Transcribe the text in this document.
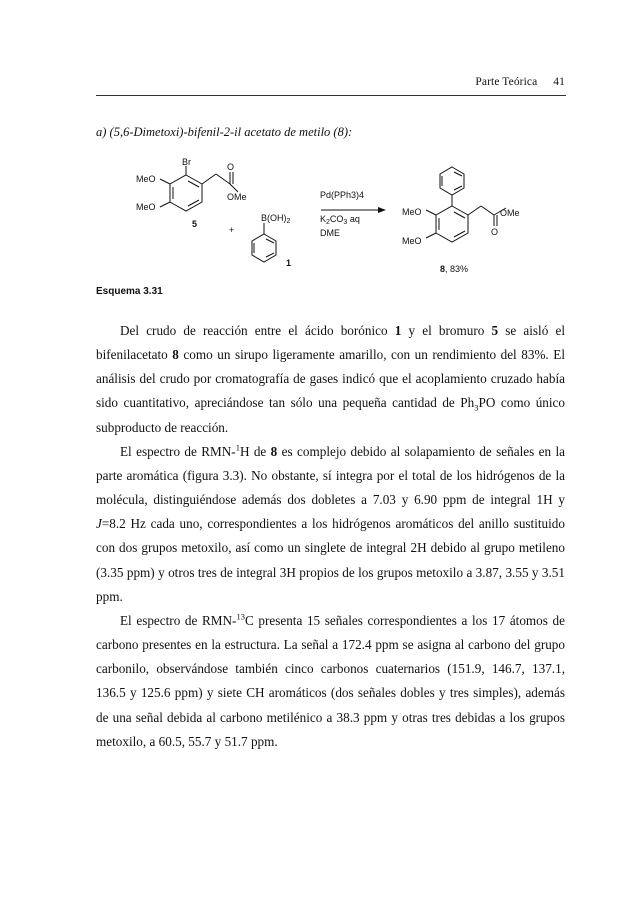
Parte Teórica 41
a) (5,6-Dimetoxi)-bifenil-2-il acetato de metilo (8):
Br
MeO
MeO
O
OMe
5
+
$B(OH)_2$
1
Pd(PPh3)4
$K_2CO_3$ aq
DME
MeO
MeO
OMe
O
8, 83%
Esquema 3.31

Del crudo de reacción entre el ácido borónico 1 y el bromuro 5 se aisló el bifenilacetato 8 como un sirupo ligeramente amarillo, con un rendimiento del 83%. El análisis del crudo por cromatografía de gases indicó que el acoplamiento cruzado había sido cuantitativo, apreciándose tan sólo una pequeña cantidad de $Ph_3PO$ como único subproducto de reacción.

El espectro de RMN-$^1$H de 8 es complejo debido al solapamiento de señales en la parte aromática (figura 3.3). No obstante, sí integra por el total de los hidrógenos de la molécula, distinguiéndose además dos dobletes a 7.03 y 6.90 ppm de integral 1H y J=8.2 Hz cada uno, correspondientes a los hidrógenos aromáticos del anillo sustituido con dos grupos metoxilo, así como un singlete de integral 2H debido al grupo metileno (3.35 ppm) y otros tres de integral 3H propios de los grupos metoxilo a 3.87, 3.55 y 3.51 ppm.

El espectro de RMN-$^{13}$C presenta 15 señales correspondientes a los 17 átomos de carbono presentes en la estructura. La señal a 172.4 ppm se asigna al carbono del grupo carbonilo, observándose también cinco carbonos cuaternarios (151.9, 146.7, 137.1, 136.5 y 125.6 ppm) y siete CH aromáticos (dos señales dobles y tres simples), además de una señal debida al carbono metilénico a 38.3 ppm y otras tres debidas a los grupos metoxilo, a 60.5, 55.7 y 51.7 ppm.
